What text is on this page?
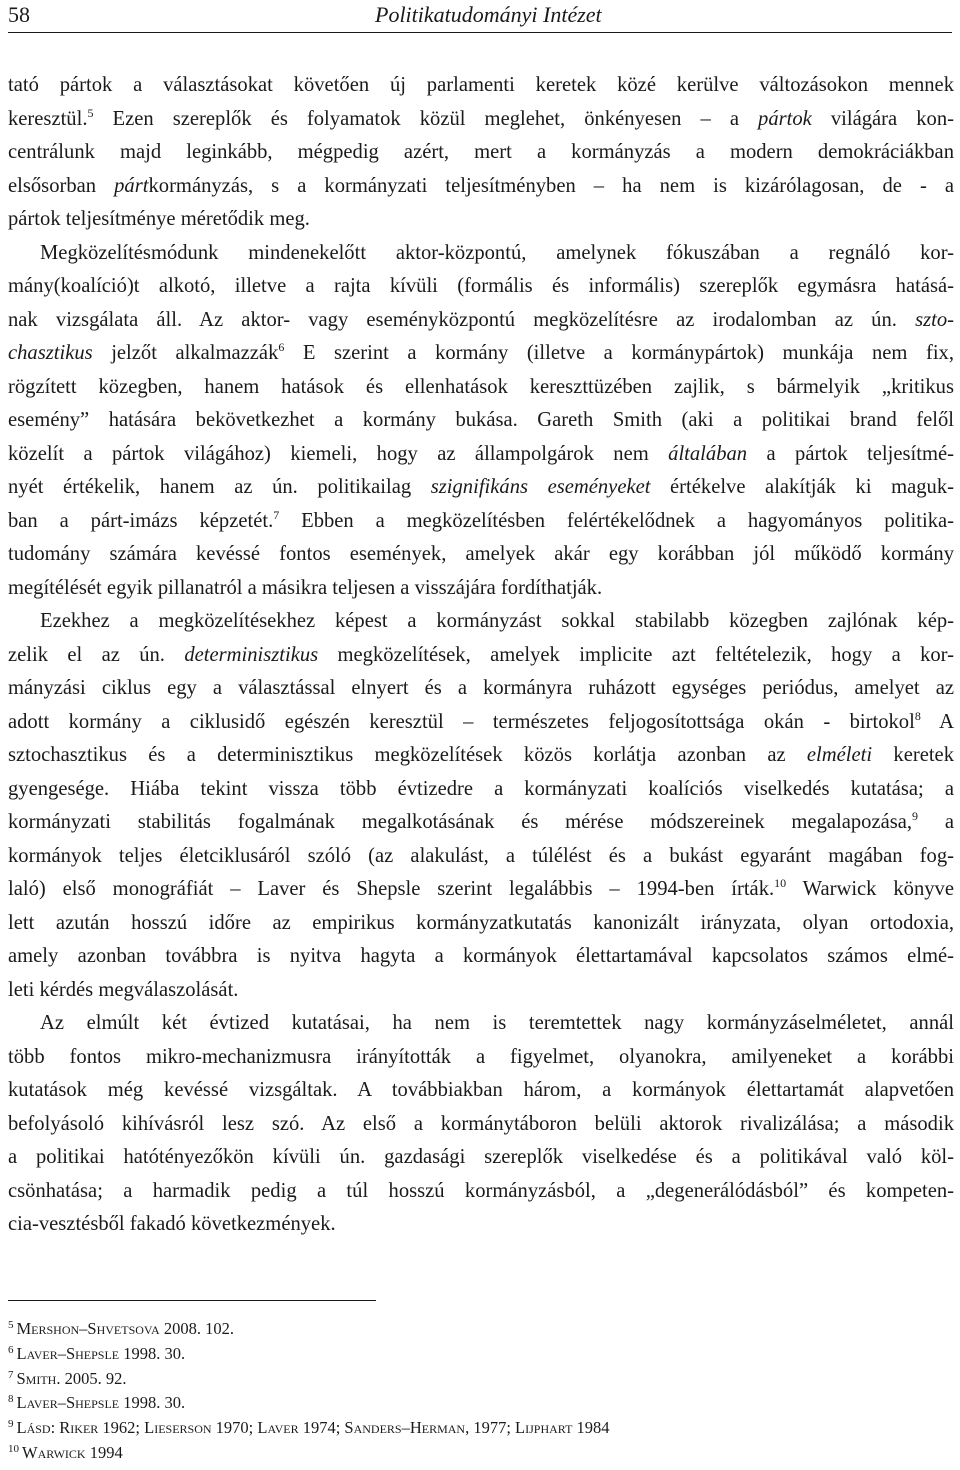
58	Politikatudományi Intézet
tató pártok a választásokat követően új parlamenti keretek közé kerülve változásokon mennek
keresztül.$^5$ Ezen szereplők és folyamatok közül meglehet, önkényesen – a pártok világára kon-
centrálunk majd leginkább, mégpedig azért, mert a kormányzás a modern demokráciákban
elsősorban pártkormányzás, s a kormányzati teljesítményben – ha nem is kizárólagosan, de - a
pártok teljesítménye méretődik meg.
Megközelítésmódunk mindenekelőtt aktor-központú, amelynek fókuszában a regnáló kor-
mány(koalíció)t alkotó, illetve a rajta kívüli (formális és informális) szereplők egymásra hatásá-
nak vizsgálata áll. Az aktor- vagy eseményközpontú megközelítésre az irodalomban az ún. szto-
chasztikus jelzőt alkalmazzák$^6$ E szerint a kormány (illetve a kormánypártok) munkája nem fix,
rögzített közegben, hanem hatások és ellenhatások kereszttüzében zajlik, s bármelyik „kritikus
esemény” hatására bekövetkezhet a kormány bukása. Gareth Smith (aki a politikai brand felől
közelít a pártok világához) kiemeli, hogy az állampolgárok nem általában a pártok teljesítmé-
nyét értékelik, hanem az ún. politikailag szignifikáns eseményeket értékelve alakítják ki maguk-
ban a párt-imázs képzetét.$^7$ Ebben a megközelítésben felértékelődnek a hagyományos politika-
tudomány számára kevéssé fontos események, amelyek akár egy korábban jól működő kormány
megítélését egyik pillanatról a másikra teljesen a visszájára fordíthatják.
Ezekhez a megközelítésekhez képest a kormányzást sokkal stabilabb közegben zajlónak kép-
zelik el az ún. determinisztikus megközelítések, amelyek implicite azt feltételezik, hogy a kor-
mányzási ciklus egy a választással elnyert és a kormányra ruházott egységes periódus, amelyet az
adott kormány a ciklusidő egészén keresztül – természetes feljogosítottsága okán - birtokol$^8$ A
sztochasztikus és a determinisztikus megközelítések közös korlátja azonban az elméleti keretek
gyengesége. Hiába tekint vissza több évtizedre a kormányzati koalíciós viselkedés kutatása; a
kormányzati stabilitás fogalmának megalkotásának és mérése módszereinek megalapozása,$^9$ a
kormányok teljes életciklusáról szóló (az alakulást, a túlélést és a bukást egyaránt magában fog-
laló) első monográfiát – Laver és Shepsle szerint legalábbis – 1994-ben írták.$^{10}$ Warwick könyve
lett azután hosszú időre az empirikus kormányzatkutatás kanonizált irányzata, olyan ortodoxia,
amely azonban továbbra is nyitva hagyta a kormányok élettartamával kapcsolatos számos elmé-
leti kérdés megválaszolását.
Az elmúlt két évtized kutatásai, ha nem is teremtettek nagy kormányzáselméletet, annál
több fontos mikro-mechanizmusra irányították a figyelmet, olyanokra, amilyeneket a korábbi
kutatások még kevéssé vizsgáltak. A továbbiakban három, a kormányok élettartamát alapvetően
befolyásoló kihívásról lesz szó. Az első a kormánytáboron belüli aktorok rivalizálása; a második
a politikai hatótényezőkön kívüli ún. gazdasági szereplők viselkedése és a politikával való köl-
csönhatása; a harmadik pedig a túl hosszú kormányzásból, a „degenerálódásból” és kompeten-
cia-vesztésből fakadó következmények.
$^5$ Mershon–Shvetsova 2008. 102.
$^6$ Laver–Shepsle 1998. 30.
$^7$ Smith. 2005. 92.
$^8$ Laver–Shepsle 1998. 30.
$^9$ Lásd: Riker 1962; Lieserson 1970; Laver 1974; Sanders–Herman, 1977; Lijphart 1984
$^{10}$ Warwick 1994
